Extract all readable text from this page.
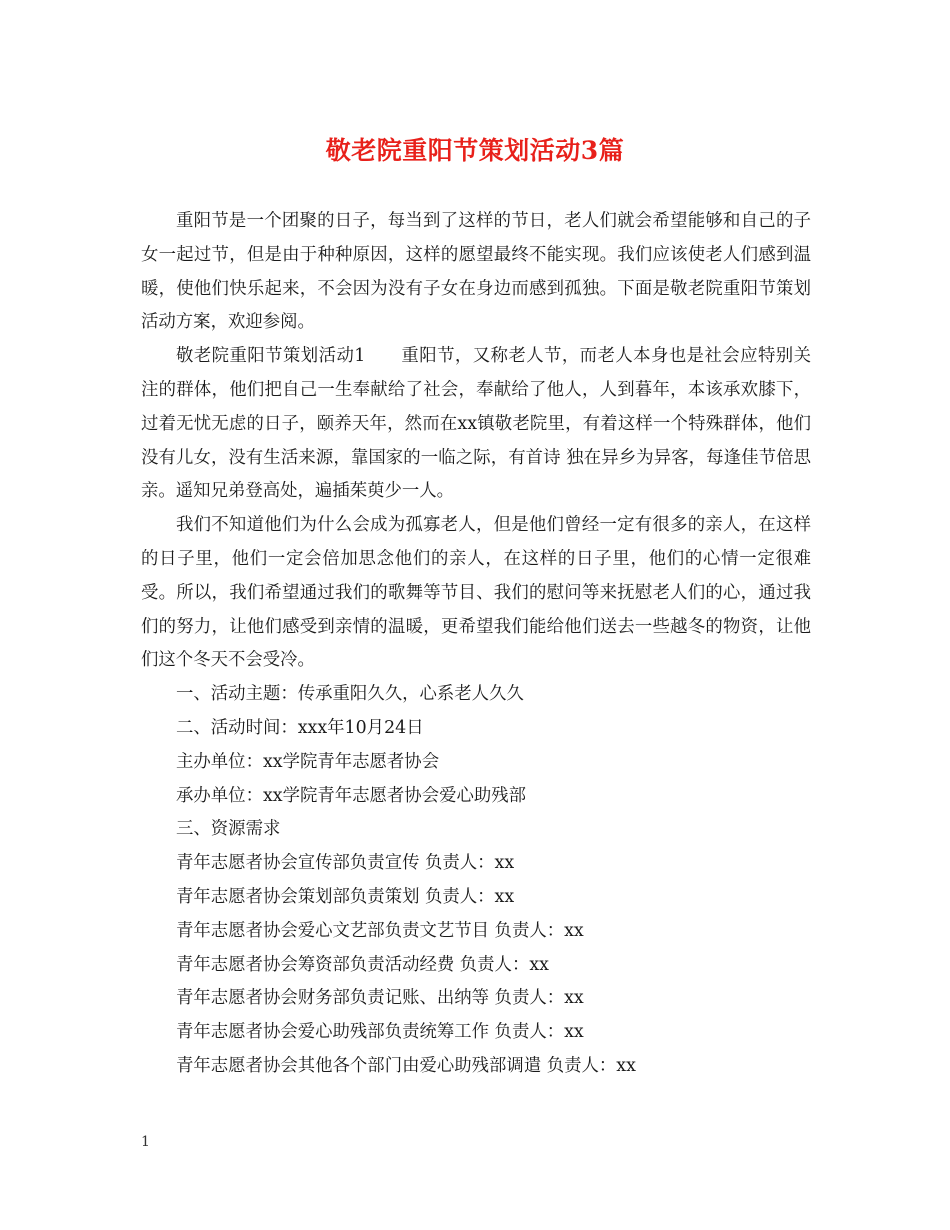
敬老院重阳节策划活动3篇

重阳节是一个团聚的日子，每当到了这样的节日，老人们就会希望能够和自己的子女一起过节，但是由于种种原因，这样的愿望最终不能实现。我们应该使老人们感到温暖，使他们快乐起来，不会因为没有子女在身边而感到孤独。下面是敬老院重阳节策划活动方案，欢迎参阅。

敬老院重阳节策划活动1　　重阳节，又称老人节，而老人本身也是社会应特别关注的群体，他们把自己一生奉献给了社会，奉献给了他人，人到暮年，本该承欢膝下，过着无忧无虑的日子，颐养天年，然而在xx镇敬老院里，有着这样一个特殊群体，他们没有儿女，没有生活来源，靠国家的一临之际，有首诗 独在异乡为异客，每逢佳节倍思亲。遥知兄弟登高处，遍插茱萸少一人。

我们不知道他们为什么会成为孤寡老人，但是他们曾经一定有很多的亲人，在这样的日子里，他们一定会倍加思念他们的亲人，在这样的日子里，他们的心情一定很难受。所以，我们希望通过我们的歌舞等节目、我们的慰问等来抚慰老人们的心，通过我们的努力，让他们感受到亲情的温暖，更希望我们能给他们送去一些越冬的物资，让他们这个冬天不会受冷。

一、活动主题：传承重阳久久，心系老人久久

二、活动时间：xxx年10月24日

主办单位：xx学院青年志愿者协会

承办单位：xx学院青年志愿者协会爱心助残部

三、资源需求

青年志愿者协会宣传部负责宣传 负责人：xx

青年志愿者协会策划部负责策划 负责人：xx

青年志愿者协会爱心文艺部负责文艺节目 负责人：xx

青年志愿者协会筹资部负责活动经费 负责人：xx

青年志愿者协会财务部负责记账、出纳等 负责人：xx

青年志愿者协会爱心助残部负责统筹工作 负责人：xx

青年志愿者协会其他各个部门由爱心助残部调遣 负责人：xx

1
